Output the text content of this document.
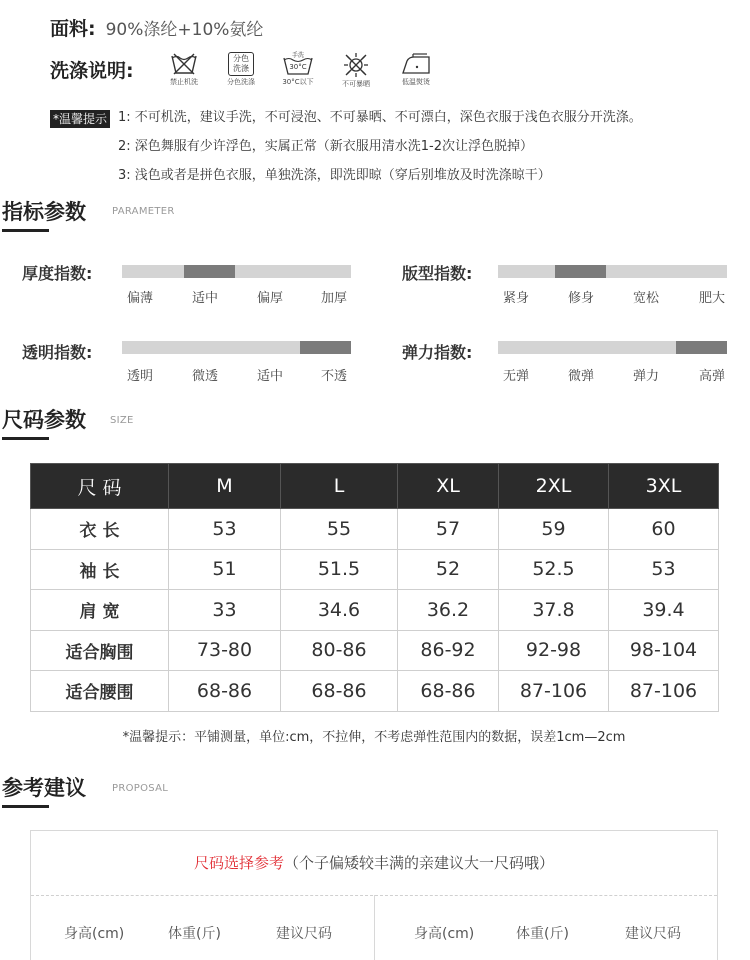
面料: 90%涤纶+10%氨纶
洗涤说明:	禁止机洗
分色
洗涤
分色洗涤
手洗
30°C
30°C以下	不可暴晒	低温熨烫
*温馨提示 1: 不可机洗，建议手洗，不可浸泡、不可暴晒、不可漂白，深色衣服于浅色衣服分开洗涤。
2: 深色舞服有少许浮色，实属正常（新衣服用清水洗1-2次让浮色脱掉）
3: 浅色或者是拼色衣服，单独洗涤，即洗即晾（穿后别堆放及时洗涤晾干）
指标参数	PARAMETER
厚度指数:
偏薄	适中	偏厚	加厚
版型指数:
紧身	修身	宽松	肥大
透明指数:
透明	微透	适中	不透
弹力指数:
无弹	微弹	弹力	高弹
尺码参数 SIZE
尺 码	M	L	XL	2XL	3XL
衣 长	53	55	57	59	60
袖 长	51	51.5	52	52.5	53
肩 宽	33	34.6	36.2	37.8	39.4
适合胸围	73-80	80-86	86-92	92-98	98-104
适合腰围	68-86	68-86	68-86	87-106	87-106
*温馨提示：平铺测量，单位:cm，不拉伸，不考虑弹性范围内的数据，误差1cm—2cm
参考建议	PROPOSAL
尺码选择参考（个子偏矮较丰满的亲建议大一尺码哦）
身高(cm)	体重(斤)	建议尺码	身高(cm)	体重(斤)	建议尺码
